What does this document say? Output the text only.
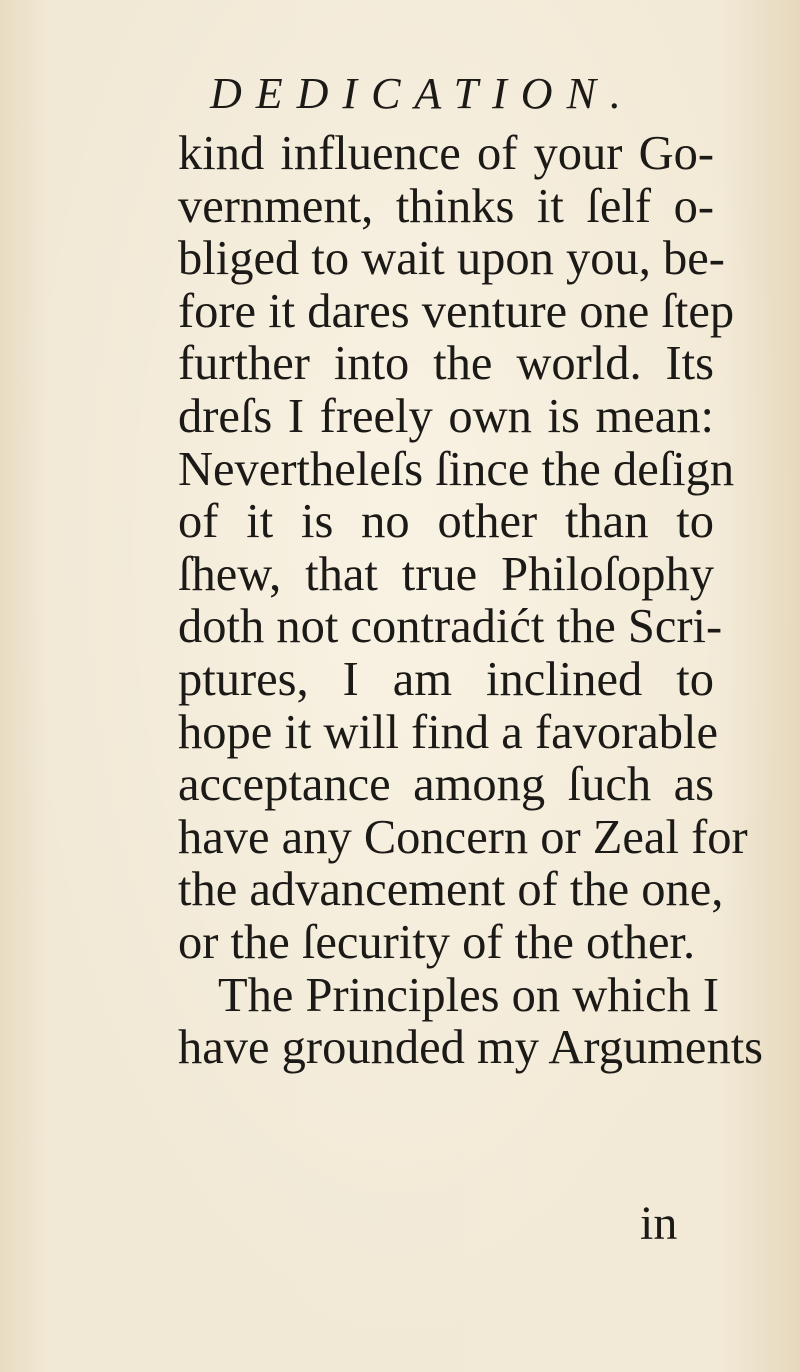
DEDICATION.
kind influence of your Go-
vernment, thinks it ſelf o-
bliged to wait upon you, be-
fore it dares venture one ſtep
further into the world. Its
dreſs I freely own is mean:
Nevertheleſs ſince the deſign
of it is no other than to
ſhew, that true Philoſophy
doth not contradićt the Scri-
ptures, I am inclined to
hope it will find a favorable
acceptance among ſuch as
have any Concern or Zeal for
the advancement of the one,
or the ſecurity of the other.
The Principles on which I
have grounded my Arguments
in
